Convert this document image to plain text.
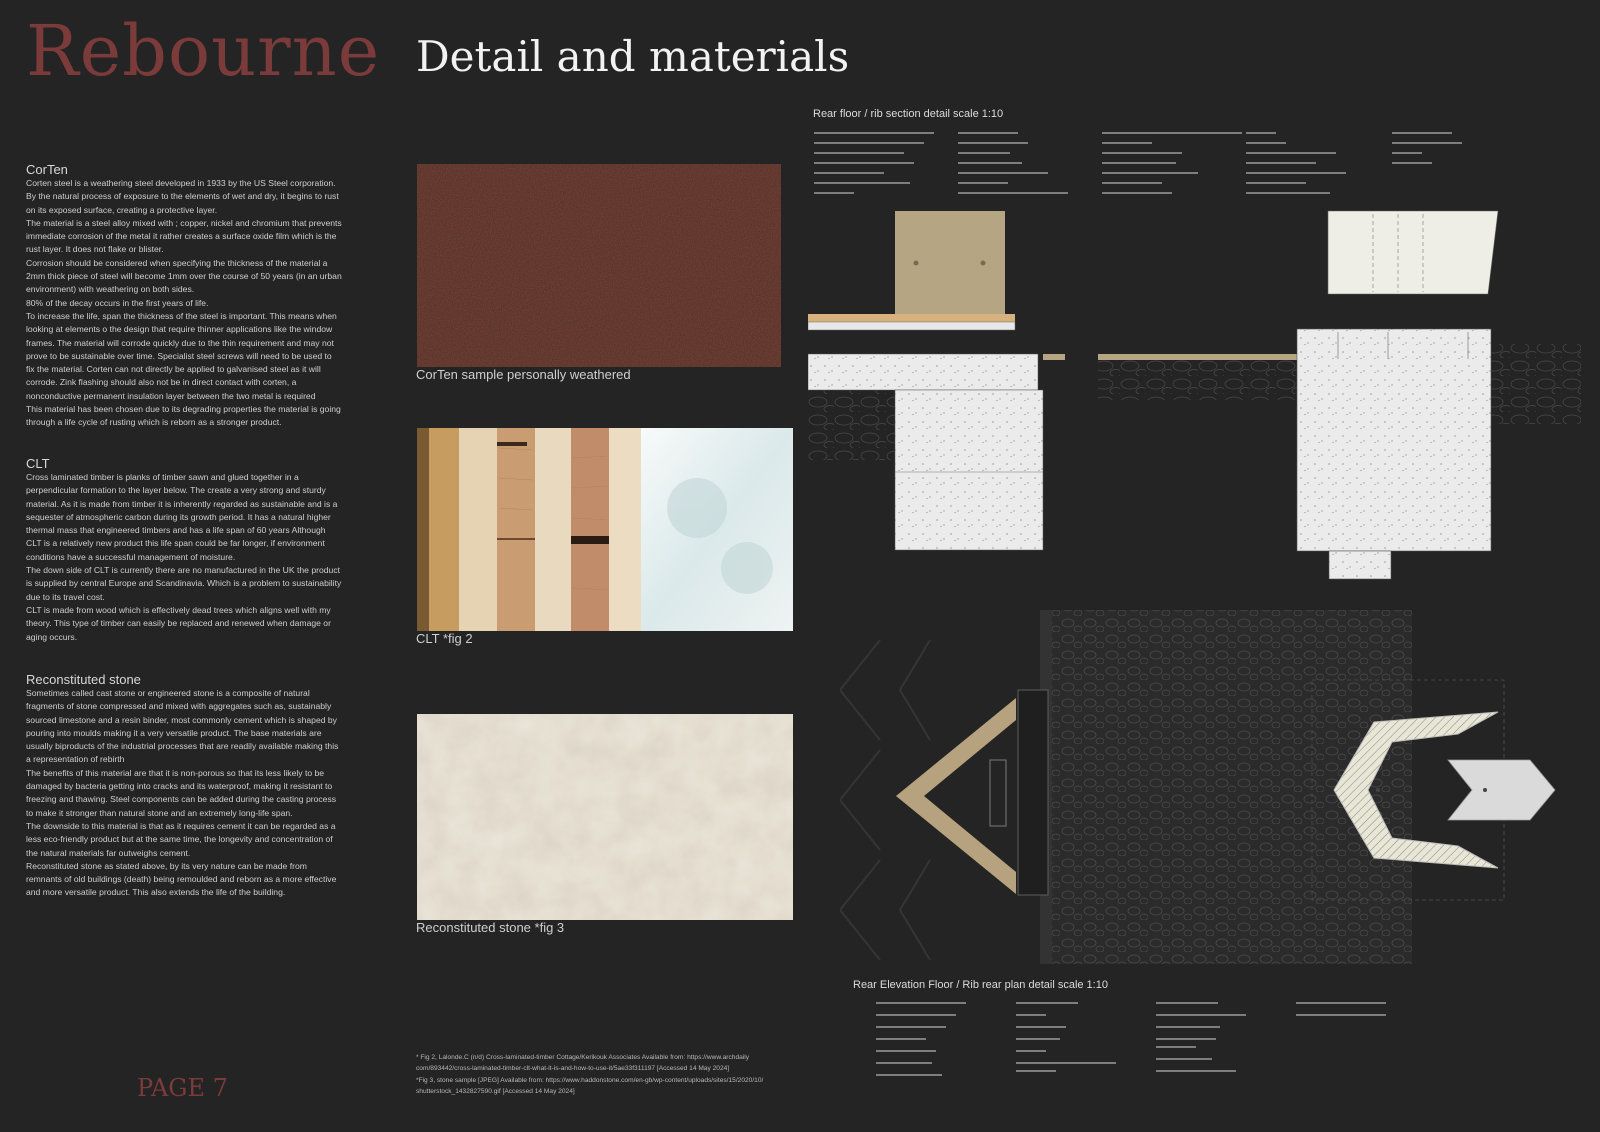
Rebourne Detail and materials
CorTen

Corten steel is a weathering steel developed in 1933 by the US Steel corporation. By the natural process of exposure to the elements of wet and dry, it begins to rust on its exposed surface, creating a protective layer.

The material is a steel alloy mixed with ; copper, nickel and chromium that prevents immediate corrosion of the metal it rather creates a surface oxide film which is the rust layer. It does not flake or blister.

Corrosion should be considered when specifying the thickness of the material a 2mm thick piece of steel will become 1mm over the course of 50 years (in an urban environment) with weathering on both sides.

80% of the decay occurs in the first years of life.

To increase the life, span the thickness of the steel is important. This means when looking at elements o the design that require thinner applications like the window frames. The material will corrode quickly due to the thin requirement and may not prove to be sustainable over time. Specialist steel screws will need to be used to fix the material. Corten can not directly be applied to galvanised steel as it will corrode. Zink flashing should also not be in direct contact with corten, a nonconductive permanent insulation layer between the two metal is required

This material has been chosen due to its degrading properties the material is going through a life cycle of rusting which is reborn as a stronger product.

CLT

Cross laminated timber is planks of timber sawn and glued together in a perpendicular formation to the layer below. The create a very strong and sturdy material. As it is made from timber it is inherently regarded as sustainable and is a sequester of atmospheric carbon during its growth period. It has a natural higher thermal mass that engineered timbers and has a life span of 60 years Although CLT is a relatively new product this life span could be far longer, if environment conditions have a successful management of moisture.

The down side of CLT is currently there are no manufactured in the UK the product is supplied by central Europe and Scandinavia. Which is a problem to sustainability due to its travel cost.

CLT is made from wood which is effectively dead trees which aligns well with my theory. This type of timber can easily be replaced and renewed when damage or aging occurs.

Reconstituted stone

Sometimes called cast stone or engineered stone is a composite of natural fragments of stone compressed and mixed with aggregates such as, sustainably sourced limestone and a resin binder, most commonly cement which is shaped by pouring into moulds making it a very versatile product. The base materials are usually biproducts of the industrial processes that are readily available making this a representation of rebirth

The benefits of this material are that it is non-porous so that its less likely to be damaged by bacteria getting into cracks and its waterproof, making it resistant to freezing and thawing. Steel components can be added during the casting process to make it stronger than natural stone and an extremely long-life span.

The downside to this material is that as it requires cement it can be regarded as a less eco-friendly product but at the same time, the longevity and concentration of the natural materials far outweighs cement.

Reconstituted stone as stated above, by its very nature can be made from remnants of old buildings (death) being remoulded and reborn as a more effective and more versatile product. This also extends the life of the building.

CorTen sample personally weathered
CLT *fig 2
Reconstituted stone *fig 3
Rear floor / rib section detail scale 1:10
Rear Elevation Floor / Rib rear plan detail scale 1:10

* Fig 2, Lalonde.C (n/d) Cross-laminated-timber Cottage/Kerikouk Associates Available from: https://www.archdaily com/893442/cross-laminated-timber-clt-what-it-is-and-how-to-use-it/5ae33f311197 [Accessed 14 May 2024]

*Fig 3, stone sample [JPEG] Available from: https://www.haddonstone.com/en-gb/wp-content/uploads/sites/15/2020/10/ shutterstock_1432827590.gif [Accessed 14 May 2024]

PAGE 7
